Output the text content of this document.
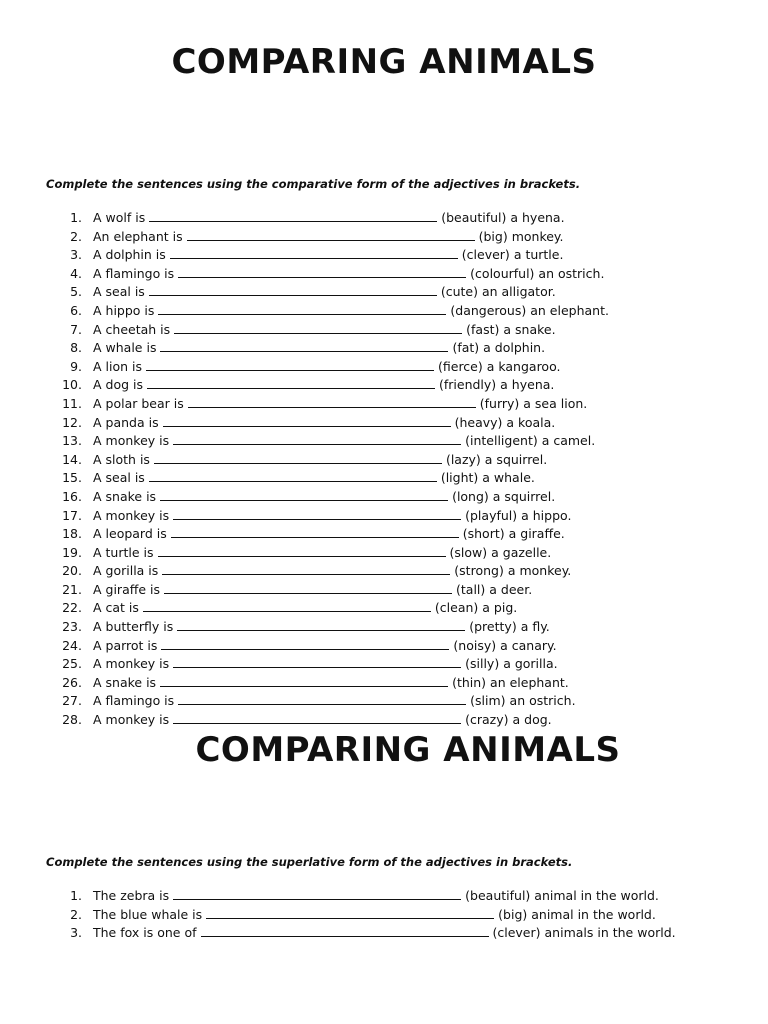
COMPARING ANIMALS

Complete the sentences using the comparative form of the adjectives in brackets.

1. A wolf is	(beautiful) a hyena.
2. An elephant is	(big) monkey.
3. A dolphin is	(clever) a turtle.
4. A flamingo is	(colourful) an ostrich.
5. A seal is	(cute) an alligator.
6. A hippo is	(dangerous) an elephant.
7. A cheetah is	(fast) a snake.
8. A whale is	(fat) a dolphin.
9. A lion is	(fierce) a kangaroo.
10. A dog is	(friendly) a hyena.
11. A polar bear is	(furry) a sea lion.
12. A panda is	(heavy) a koala.
13. A monkey is	(intelligent) a camel.
14. A sloth is	(lazy) a squirrel.
15. A seal is	(light) a whale.
16. A snake is	(long) a squirrel.
17. A monkey is	(playful) a hippo.
18. A leopard is	(short) a giraffe.
19. A turtle is	(slow) a gazelle.
20. A gorilla is	(strong) a monkey.
21. A giraffe is	(tall) a deer.
22. A cat is	(clean) a pig.
23. A butterfly is	(pretty) a fly.
24. A parrot is	(noisy) a canary.
25. A monkey is	(silly) a gorilla.
26. A snake is	(thin) an elephant.
27. A flamingo is	(slim) an ostrich.
28. A monkey is	(crazy) a dog.
COMPARING ANIMALS

Complete the sentences using the superlative form of the adjectives in brackets.

1. The zebra is	(beautiful) animal in the world.
2. The blue whale is	(big) animal in the world.
3. The fox is one of	(clever) animals in the world.
